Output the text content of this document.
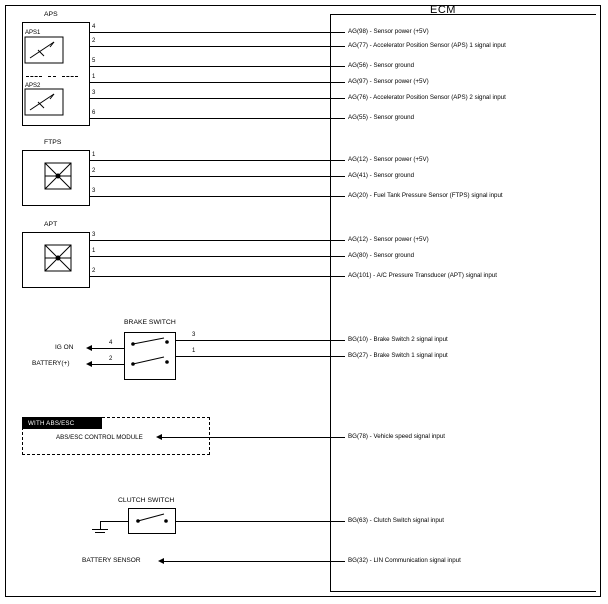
ECM
APS
APS1
APS2
4
2
5
1
3
6
FTPS
1
2
3
APT
3
1
2
BRAKE SWITCH
3
1
IG ON
BATTERY(+)
4
2
WITH ABS/ESC
ABS/ESC CONTROL MODULE
CLUTCH SWITCH
BATTERY SENSOR
AG(98) - Sensor power (+5V)
AG(77) - Accelerator Position Sensor (APS) 1 signal input
AG(56) - Sensor ground
AG(97) - Sensor power (+5V)
AG(76) - Accelerator Position Sensor (APS) 2 signal input
AG(55) - Sensor ground
AG(12) - Sensor power (+5V)
AG(41) - Sensor ground
AG(20) - Fuel Tank Pressure Sensor (FTPS) signal input
AG(12) - Sensor power (+5V)
AG(80) - Sensor ground
AG(101) - A/C Pressure Transducer (APT) signal input
BG(10) - Brake Switch 2 signal input
BG(27) - Brake Switch 1 signal input
BG(78) - Vehicle speed signal input
BG(63) - Clutch Switch signal input
BG(32) - LIN Communication signal input
